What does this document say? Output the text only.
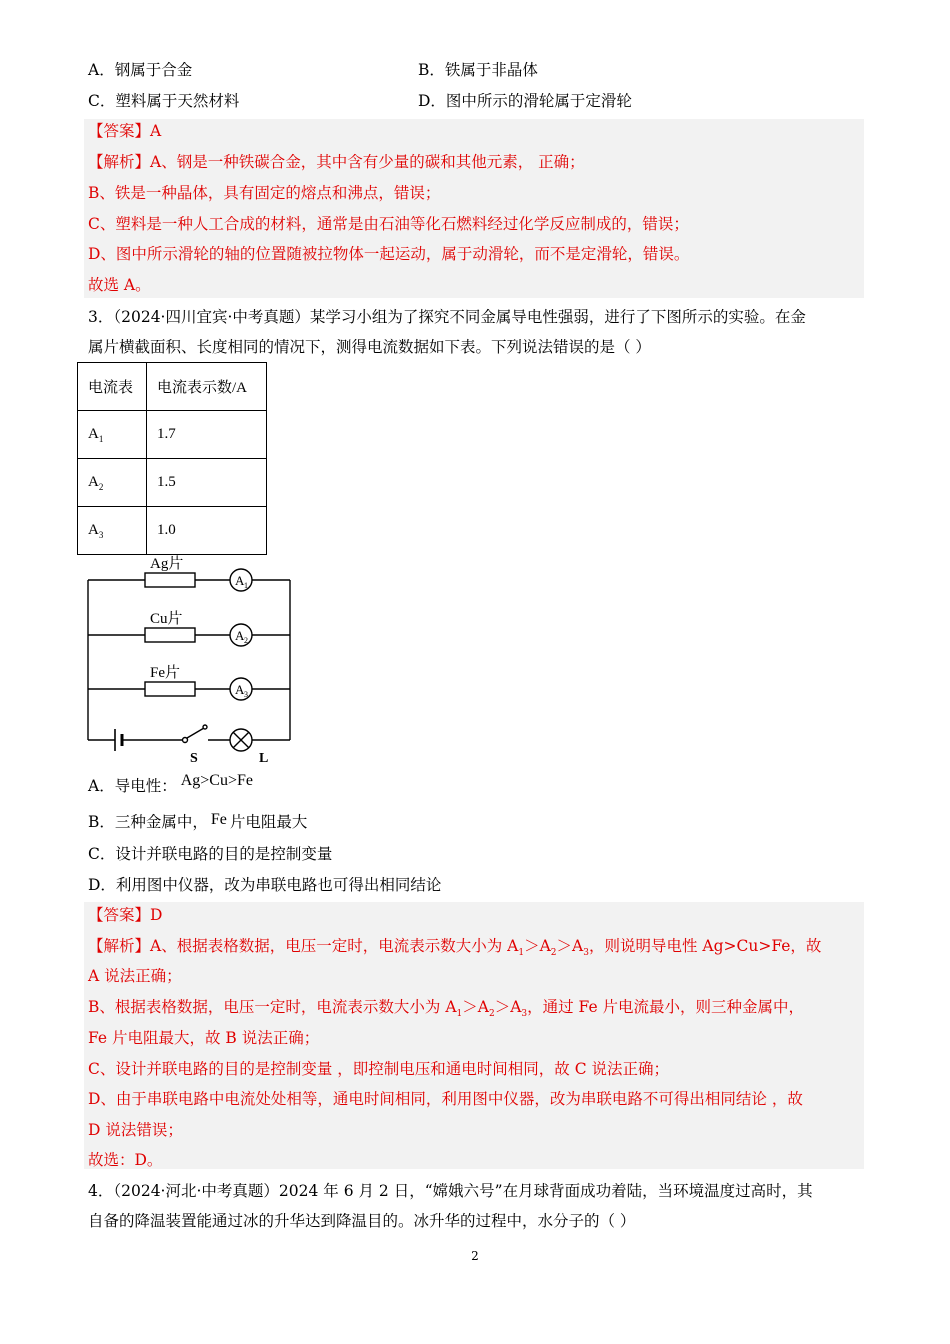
A．钢属于合金	B．铁属于非晶体
C．塑料属于天然材料	D．图中所示的滑轮属于定滑轮
【答案】A
【解析】A、钢是一种铁碳合金，其中含有少量的碳和其他元素， 正确；
B、铁是一种晶体，具有固定的熔点和沸点，错误；
C、塑料是一种人工合成的材料，通常是由石油等化石燃料经过化学反应制成的，错误；
D、图中所示滑轮的轴的位置随被拉物体一起运动，属于动滑轮，而不是定滑轮，错误。
故选 A。
3．（2024·四川宜宾·中考真题）某学习小组为了探究不同金属导电性强弱，进行了下图所示的实验。在金
属片横截面积、长度相同的情况下，测得电流数据如下表。下列说法错误的是（ ）
电流表	电流表示数/A
$A_1$	1.7
$A_2$	1.5
$A_3$	1.0
Ag片
Cu片
Fe片
A 1
A 2
A 3
S	L
A．导电性： Ag>Cu>Fe
B．三种金属中， Fe 片电阻最大
C．设计并联电路的目的是控制变量
D．利用图中仪器，改为串联电路也可得出相同结论
【答案】D
【解析】A、根据表格数据，电压一定时，电流表示数大小为 $A_1>A_2>A_3$，则说明导电性 Ag>Cu>Fe，故
A 说法正确；
B、根据表格数据，电压一定时，电流表示数大小为 $A_1>A_2>A_3$，通过 Fe 片电流最小，则三种金属中，
Fe 片电阻最大，故 B 说法正确；
C、设计并联电路的目的是控制变量 ，即控制电压和通电时间相同，故 C 说法正确；
D、由于串联电路中电流处处相等，通电时间相同，利用图中仪器，改为串联电路不可得出相同结论 ，故
D 说法错误；
故选：D。
4．（2024·河北·中考真题）2024 年 6 月 2 日，“嫦娥六号”在月球背面成功着陆，当环境温度过高时，其
自备的降温装置能通过冰的升华达到降温目的。冰升华的过程中，水分子的（ ）
2
